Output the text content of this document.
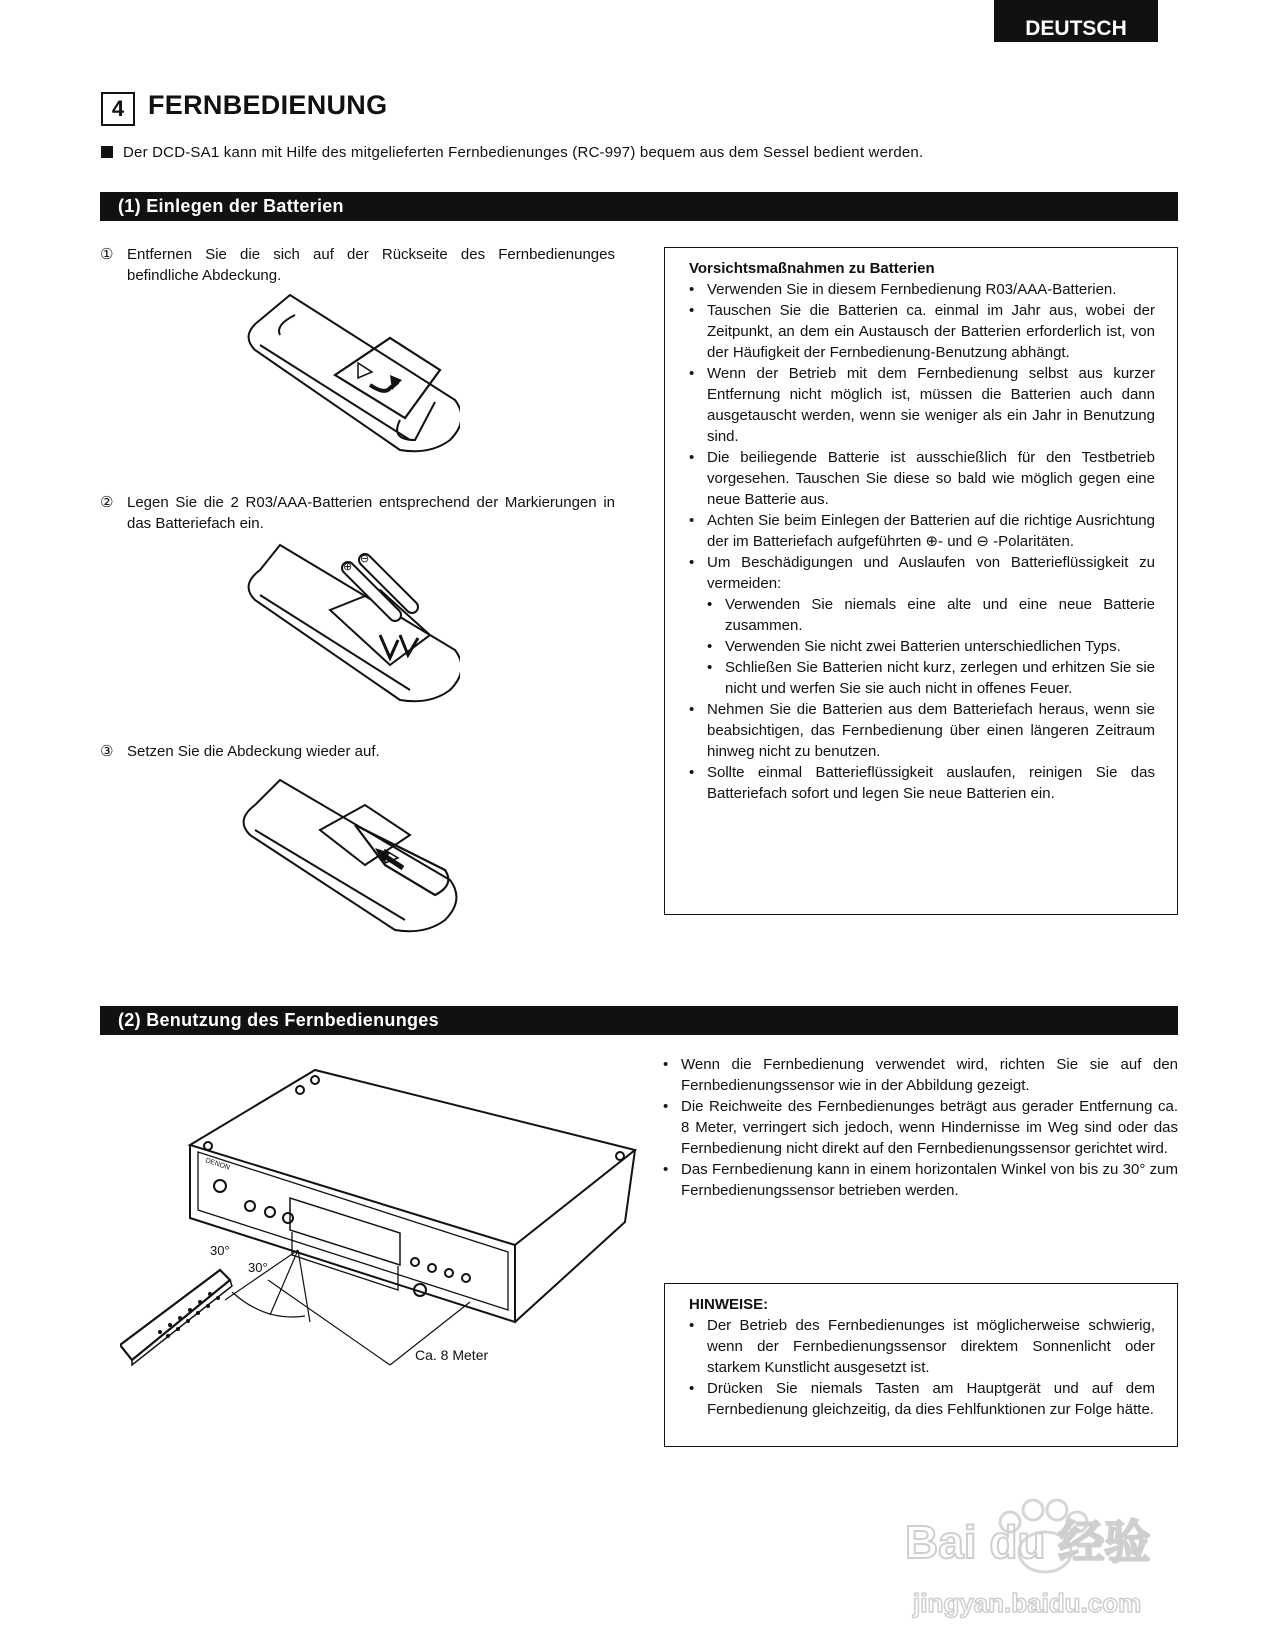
DEUTSCH
4 FERNBEDIENUNG
Der DCD-SA1 kann mit Hilfe des mitgelieferten Fernbedienunges (RC-997) bequem aus dem Sessel bedient werden.
(1) Einlegen der Batterien
① Entfernen Sie die sich auf der Rückseite des Fernbedienunges befindliche Abdeckung.
② Legen Sie die 2 R03/AAA-Batterien entsprechend der Markierungen in das Batteriefach ein.
③ Setzen Sie die Abdeckung wieder auf.
⊕
⊖
Vorsichtsmaßnahmen zu Batterien
• Verwenden Sie in diesem Fernbedienung R03/AAA-Batterien.
• Tauschen Sie die Batterien ca. einmal im Jahr aus, wobei der Zeitpunkt, an dem ein Austausch der Batterien erforderlich ist, von der Häufigkeit der Fernbedienung-Benutzung abhängt.
• Wenn der Betrieb mit dem Fernbedienung selbst aus kurzer Entfernung nicht möglich ist, müssen die Batterien auch dann ausgetauscht werden, wenn sie weniger als ein Jahr in Benutzung sind.
• Die beiliegende Batterie ist ausschießlich für den Testbetrieb vorgesehen. Tauschen Sie diese so bald wie möglich gegen eine neue Batterie aus.
• Achten Sie beim Einlegen der Batterien auf die richtige Ausrichtung der im Batteriefach aufgeführten ⊕- und ⊖ -Polaritäten.
• Um Beschädigungen und Auslaufen von Batterieflüssigkeit zu vermeiden:
• Verwenden Sie niemals eine alte und eine neue Batterie zusammen.
• Verwenden Sie nicht zwei Batterien unterschiedlichen Typs.
• Schließen Sie Batterien nicht kurz, zerlegen und erhitzen Sie sie nicht und werfen Sie sie auch nicht in offenes Feuer.
• Nehmen Sie die Batterien aus dem Batteriefach heraus, wenn sie beabsichtigen, das Fernbedienung über einen längeren Zeitraum hinweg nicht zu benutzen.
• Sollte einmal Batterieflüssigkeit auslaufen, reinigen Sie das Batteriefach sofort und legen Sie neue Batterien ein.
(2) Benutzung des Fernbedienunges
• Wenn die Fernbedienung verwendet wird, richten Sie sie auf den Fernbedienungssensor wie in der Abbildung gezeigt.
• Die Reichweite des Fernbedienunges beträgt aus gerader Entfernung ca. 8 Meter, verringert sich jedoch, wenn Hindernisse im Weg sind oder das Fernbedienung nicht direkt auf den Fernbedienungssensor gerichtet wird.
• Das Fernbedienung kann in einem horizontalen Winkel von bis zu 30° zum Fernbedienungssensor betrieben werden.
HINWEISE:
• Der Betrieb des Fernbedienunges ist möglicherweise schwierig, wenn der Fernbedienungssensor direktem Sonnenlicht oder starkem Kunstlicht ausgesetzt ist.
• Drücken Sie niemals Tasten am Hauptgerät und auf dem Fernbedienung gleichzeitig, da dies Fehlfunktionen zur Folge hätte.
30°
30°
Ca. 8 Meter
DENON
Bai du 经验
jingyan.baidu.com
